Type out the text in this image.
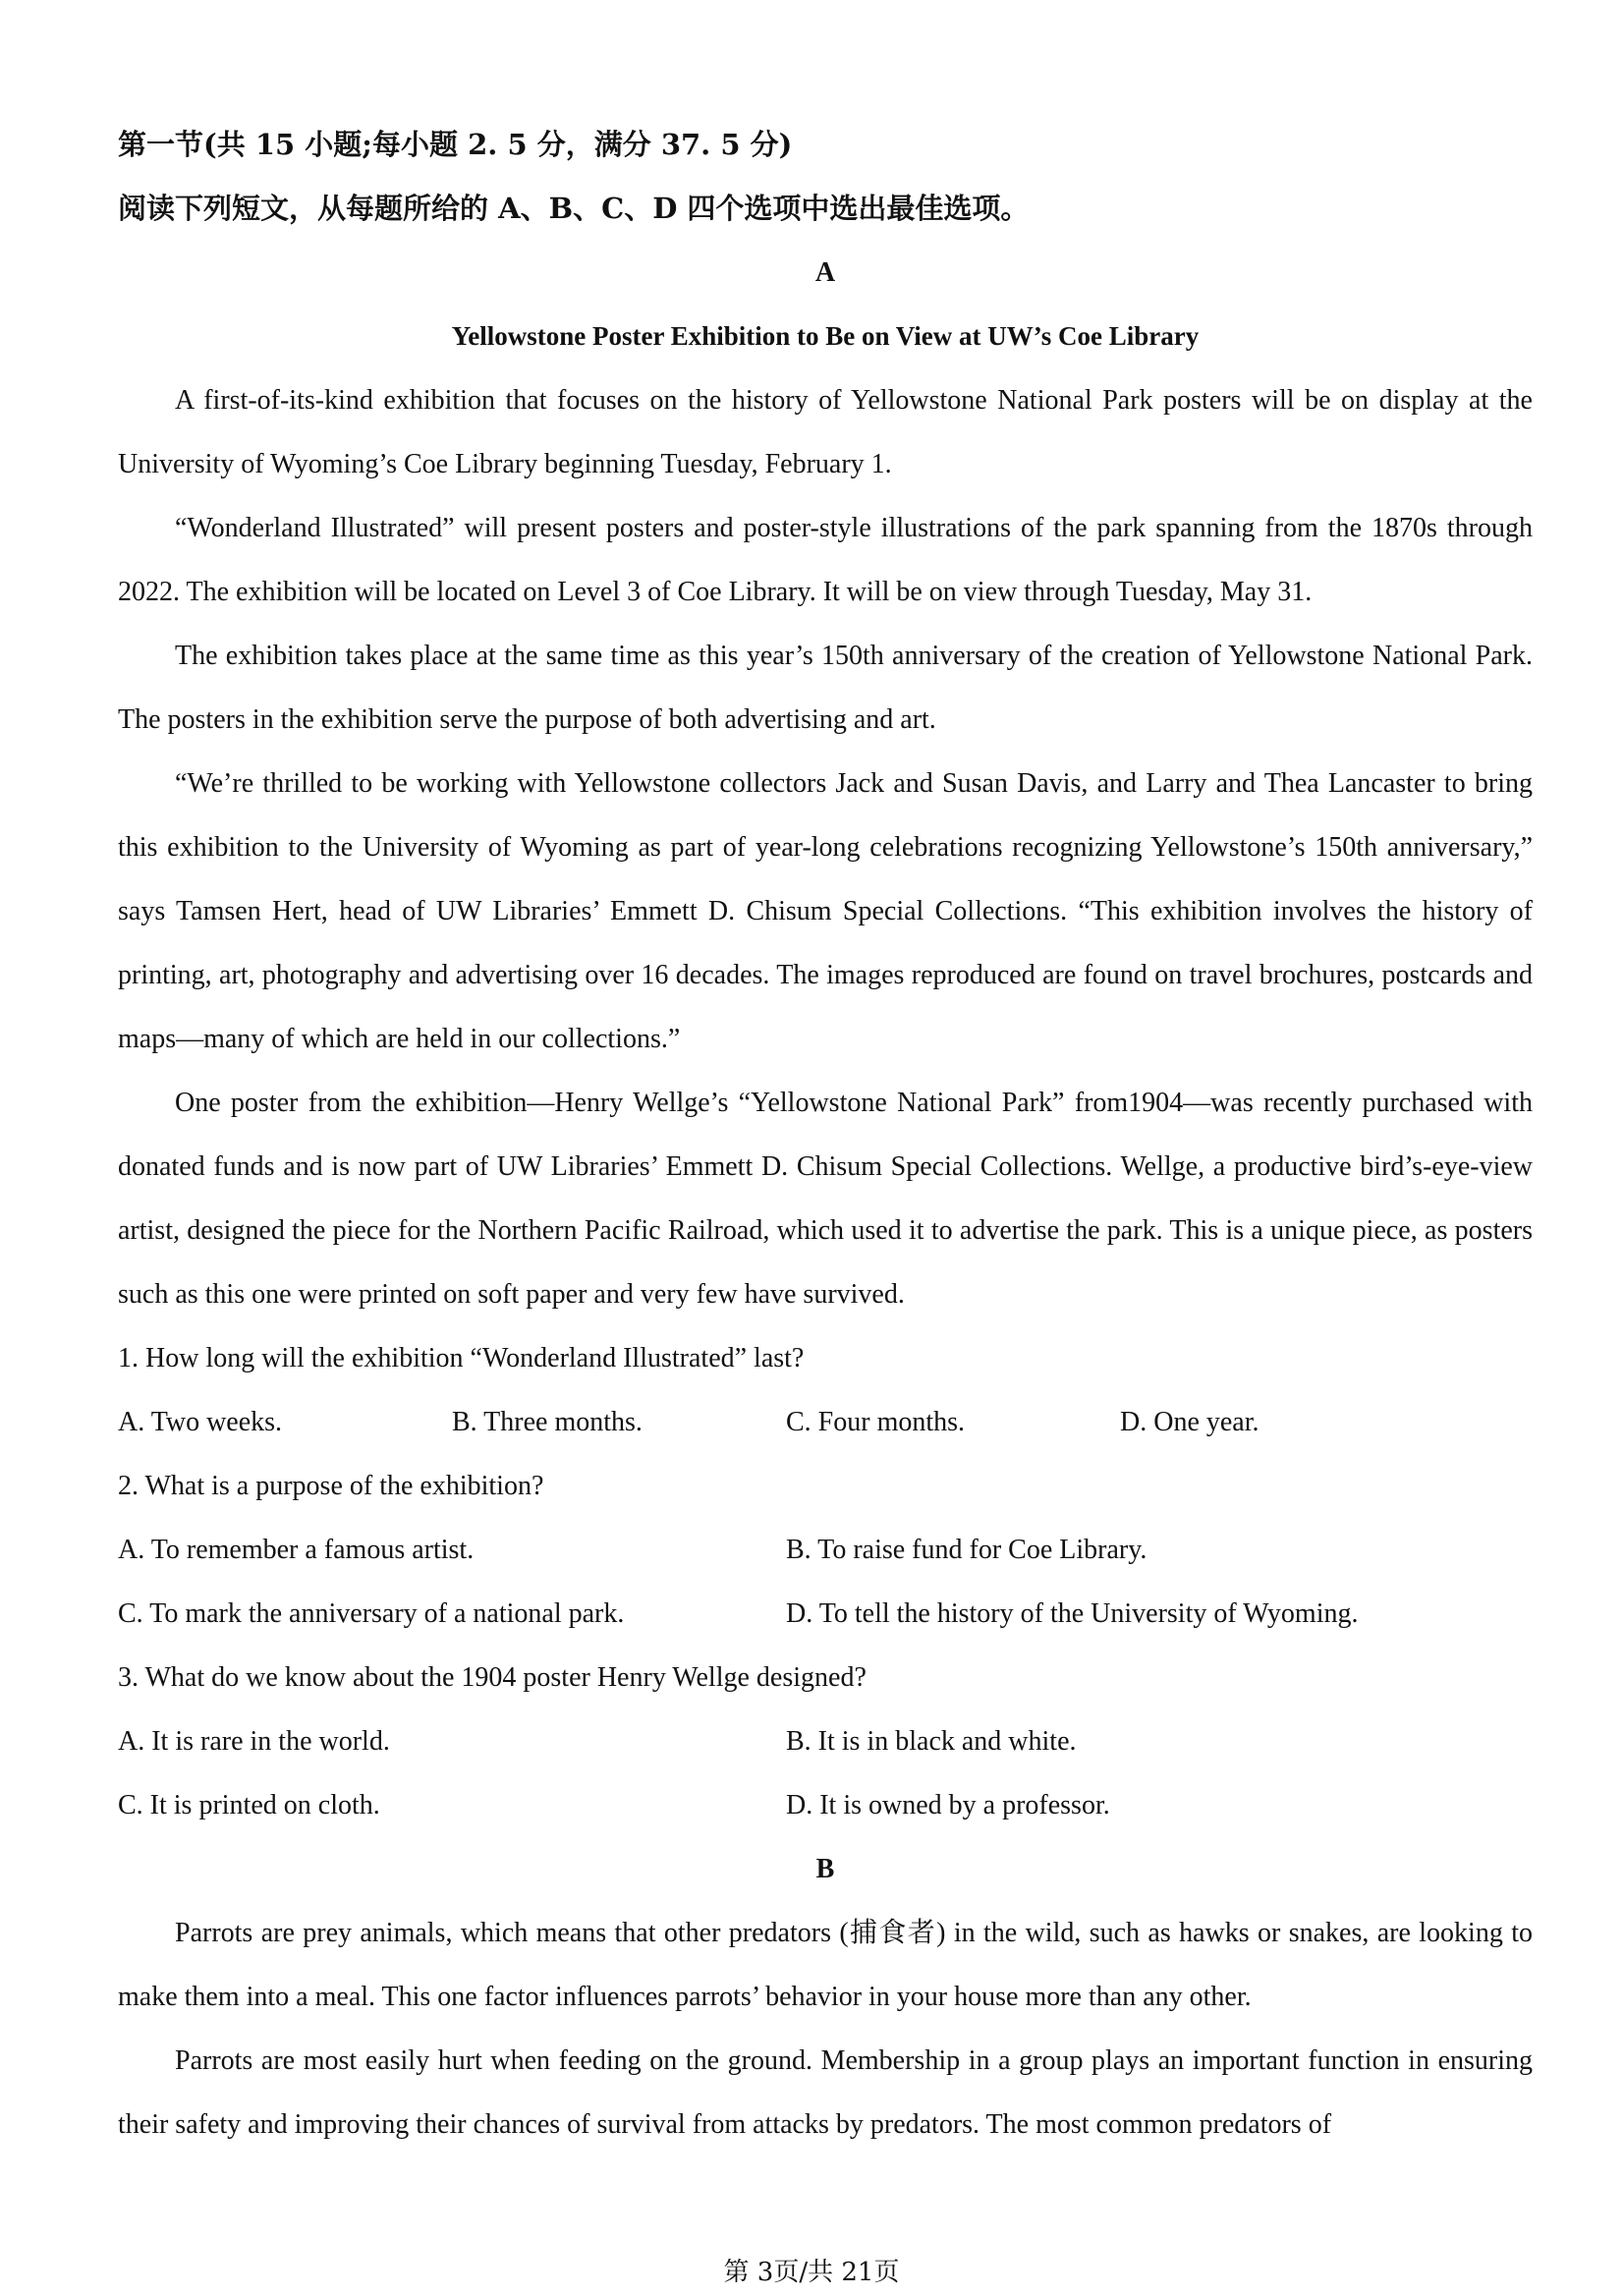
第一节(共 15 小题;每小题 2. 5 分，满分 37. 5 分)
阅读下列短文，从每题所给的 A、B、C、D 四个选项中选出最佳选项。
A
Yellowstone Poster Exhibition to Be on View at UW’s Coe Library

A first-of-its-kind exhibition that focuses on the history of Yellowstone National Park posters will be on display at the University of Wyoming’s Coe Library beginning Tuesday, February 1.

“Wonderland Illustrated” will present posters and poster-style illustrations of the park spanning from the 1870s through 2022. The exhibition will be located on Level 3 of Coe Library. It will be on view through Tuesday, May 31.

The exhibition takes place at the same time as this year’s 150th anniversary of the creation of Yellowstone National Park. The posters in the exhibition serve the purpose of both advertising and art.

“We’re thrilled to be working with Yellowstone collectors Jack and Susan Davis, and Larry and Thea Lancaster to bring this exhibition to the University of Wyoming as part of year-long celebrations recognizing Yellowstone’s 150th anniversary,” says Tamsen Hert, head of UW Libraries’ Emmett D. Chisum Special Collections. “This exhibition involves the history of printing, art, photography and advertising over 16 decades. The images reproduced are found on travel brochures, postcards and maps—many of which are held in our collections.”

One poster from the exhibition—Henry Wellge’s “Yellowstone National Park” from1904—was recently purchased with donated funds and is now part of UW Libraries’ Emmett D. Chisum Special Collections. Wellge, a productive bird’s-eye-view artist, designed the piece for the Northern Pacific Railroad, which used it to advertise the park. This is a unique piece, as posters such as this one were printed on soft paper and very few have survived.

1. How long will the exhibition “Wonderland Illustrated” last?
A. Two weeks.	B. Three months.	C. Four months.	D. One year.
2. What is a purpose of the exhibition?
A. To remember a famous artist.	B. To raise fund for Coe Library.
C. To mark the anniversary of a national park.	D. To tell the history of the University of Wyoming.
3. What do we know about the 1904 poster Henry Wellge designed?
A. It is rare in the world.	B. It is in black and white.
C. It is printed on cloth.	D. It is owned by a professor.
B

Parrots are prey animals, which means that other predators (捕食者) in the wild, such as hawks or snakes, are looking to make them into a meal. This one factor influences parrots’ behavior in your house more than any other.

Parrots are most easily hurt when feeding on the ground. Membership in a group plays an important function in ensuring their safety and improving their chances of survival from attacks by predators. The most common predators of

第 3页/共 21页
